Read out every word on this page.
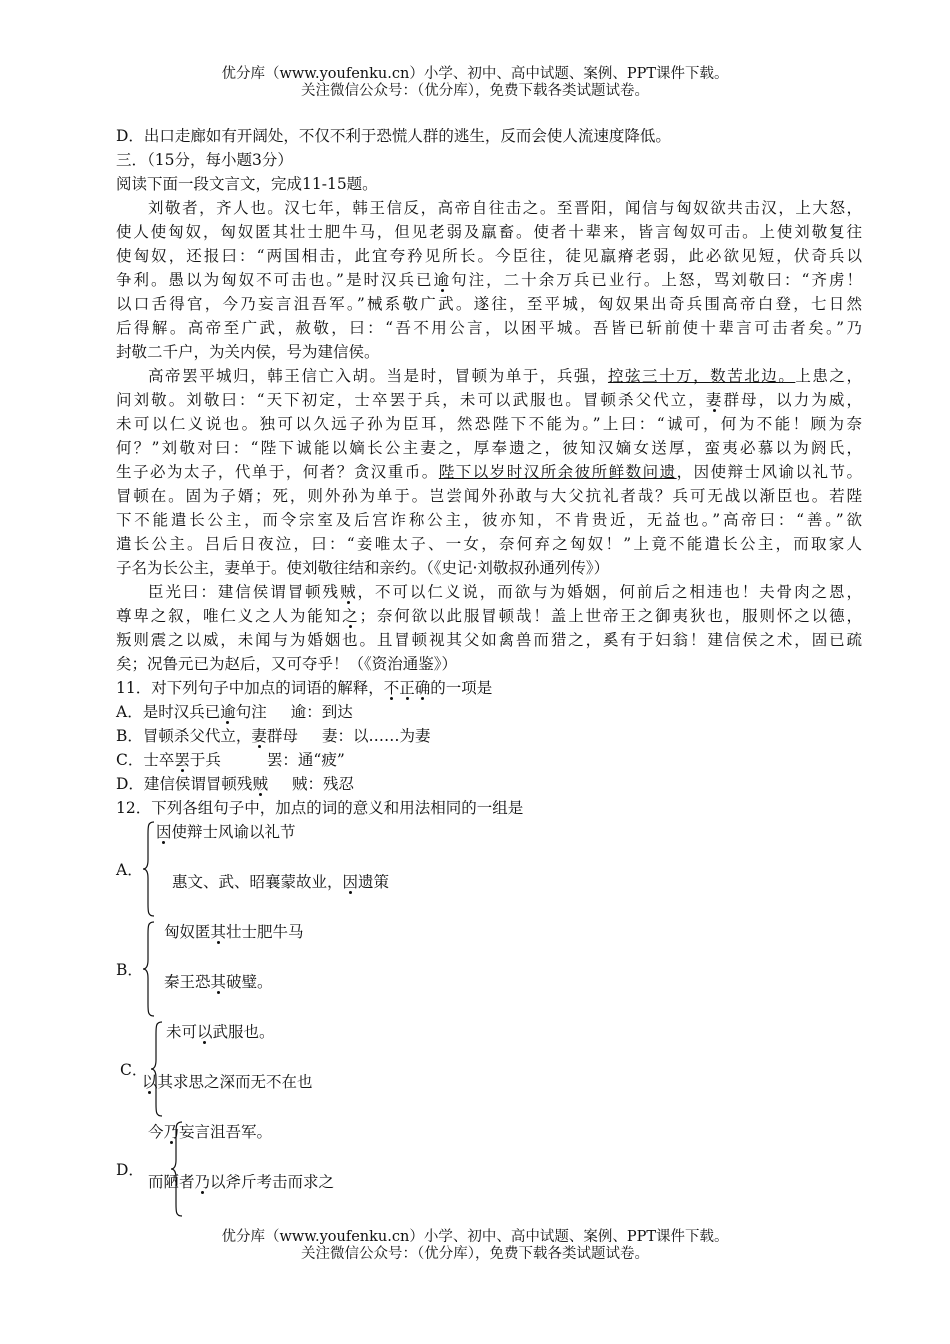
优分库（www.youfenku.cn）小学、初中、高中试题、案例、PPT课件下载。
关注微信公众号：（优分库），免费下载各类试题试卷。
D．出口走廊如有开阔处，不仅不利于恐慌人群的逃生，反而会使人流速度降低。
三．（15分，每小题3分）
阅读下面一段文言文，完成11-15题。
刘敬者，齐人也。汉七年，韩王信反，高帝自往击之。至晋阳，闻信与匈奴欲共击汉，上大怒，
使人使匈奴，匈奴匿其壮士肥牛马，但见老弱及羸畜。使者十辈来，皆言匈奴可击。上使刘敬复往
使匈奴，还报曰：“两国相击，此宜夸矜见所长。今臣往，徒见羸瘠老弱，此必欲见短，伏奇兵以
争利。愚以为匈奴不可击也。”是时汉兵已逾句注，二十余万兵已业行。上怒，骂刘敬曰：“齐虏！
以口舌得官，今乃妄言沮吾军。”械系敬广武。遂往，至平城，匈奴果出奇兵围高帝白登，七日然
后得解。高帝至广武，赦敬，曰：“吾不用公言，以困平城。吾皆已斩前使十辈言可击者矣。”乃
封敬二千户，为关内侯，号为建信侯。
高帝罢平城归，韩王信亡入胡。当是时，冒顿为单于，兵强，控弦三十万，数苦北边。上患之，
问刘敬。刘敬曰：“天下初定，士卒罢于兵，未可以武服也。冒顿杀父代立，妻群母，以力为威，
未可以仁义说也。独可以久远子孙为臣耳，然恐陛下不能为。”上曰：“诚可，何为不能！顾为奈
何？”刘敬对曰：“陛下诚能以嫡长公主妻之，厚奉遗之，彼知汉嫡女送厚，蛮夷必慕以为阏氏，
生子必为太子，代单于，何者？贪汉重币。陛下以岁时汉所余彼所鲜数问遗，因使辩士风谕以礼节。
冒顿在。固为子婿；死，则外孙为单于。岂尝闻外孙敢与大父抗礼者哉？兵可无战以渐臣也。若陛
下不能遣长公主，而令宗室及后宫诈称公主，彼亦知，不肯贵近，无益也。”高帝曰：“善。”欲
遣长公主。吕后日夜泣，曰：“妾唯太子、一女，奈何弃之匈奴！”上竟不能遣长公主，而取家人
子名为长公主，妻单于。使刘敬往结和亲约。（《史记·刘敬叔孙通列传》）
臣光曰：建信侯谓冒顿残贼，不可以仁义说，而欲与为婚姻，何前后之相违也！夫骨肉之恩，
尊卑之叙，唯仁义之人为能知之；奈何欲以此服冒顿哉！盖上世帝王之御夷狄也，服则怀之以德，
叛则震之以威，未闻与为婚姻也。且冒顿视其父如禽兽而猎之，奚有于妇翁！建信侯之术，固已疏
矣；况鲁元已为赵后，又可夺乎！（《资治通鉴》）
11．对下列句子中加点的词语的解释，不正确的一项是
A．是时汉兵已逾句注 逾：到达
B．冒顿杀父代立，妻群母 妻：以……为妻
C．士卒罢于兵	罢：通“疲”
D．建信侯谓冒顿残贼 贼：残忍
12．下列各组句子中，加点的词的意义和用法相同的一组是
A．
因使辩士风谕以礼节
惠文、武、昭襄蒙故业，因遗策
B．
匈奴匿其壮士肥牛马
秦王恐其破璧。
C．
未可以武服也。
以其求思之深而无不在也
D．
今乃妄言沮吾军。
而陋者乃以斧斤考击而求之
优分库（www.youfenku.cn）小学、初中、高中试题、案例、PPT课件下载。
关注微信公众号：（优分库），免费下载各类试题试卷。
